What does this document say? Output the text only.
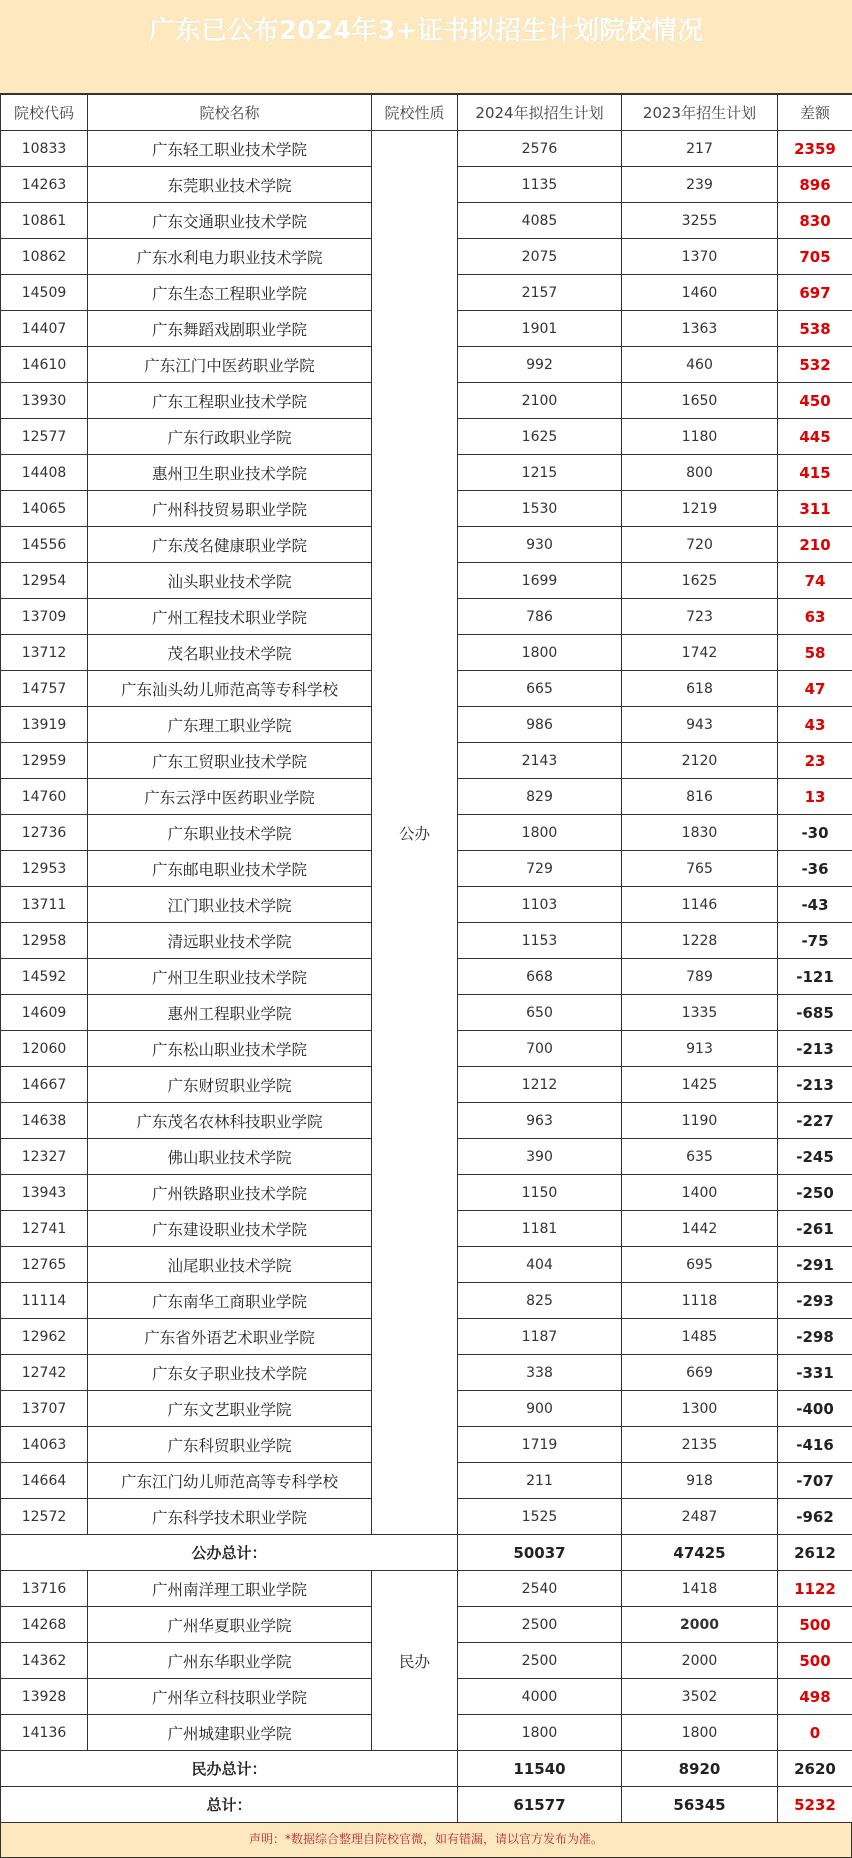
广东已公布2024年3+证书拟招生计划院校情况
院校代码	院校名称	院校性质	2024年拟招生计划	2023年招生计划	差额
10833	广东轻工职业技术学院	公办	2576	217	2359
14263	东莞职业技术学院		1135	239	896
10861	广东交通职业技术学院		4085	3255	830
10862	广东水利电力职业技术学院		2075	1370	705
14509	广东生态工程职业学院		2157	1460	697
14407	广东舞蹈戏剧职业学院		1901	1363	538
14610	广东江门中医药职业学院		992	460	532
13930	广东工程职业技术学院		2100	1650	450
12577	广东行政职业学院		1625	1180	445
14408	惠州卫生职业技术学院		1215	800	415
14065	广州科技贸易职业学院		1530	1219	311
14556	广东茂名健康职业学院		930	720	210
12954	汕头职业技术学院		1699	1625	74
13709	广州工程技术职业学院		786	723	63
13712	茂名职业技术学院		1800	1742	58
14757	广东汕头幼儿师范高等专科学校		665	618	47
13919	广东理工职业学院		986	943	43
12959	广东工贸职业技术学院		2143	2120	23
14760	广东云浮中医药职业学院		829	816	13
12736	广东职业技术学院		1800	1830	-30
12953	广东邮电职业技术学院		729	765	-36
13711	江门职业技术学院		1103	1146	-43
12958	清远职业技术学院		1153	1228	-75
14592	广州卫生职业技术学院		668	789	-121
14609	惠州工程职业学院		650	1335	-685
12060	广东松山职业技术学院		700	913	-213
14667	广东财贸职业学院		1212	1425	-213
14638	广东茂名农林科技职业学院		963	1190	-227
12327	佛山职业技术学院		390	635	-245
13943	广州铁路职业技术学院		1150	1400	-250
12741	广东建设职业技术学院		1181	1442	-261
12765	汕尾职业技术学院		404	695	-291
11114	广东南华工商职业学院		825	1118	-293
12962	广东省外语艺术职业学院		1187	1485	-298
12742	广东女子职业技术学院		338	669	-331
13707	广东文艺职业学院		900	1300	-400
14063	广东科贸职业学院		1719	2135	-416
14664	广东江门幼儿师范高等专科学校		211	918	-707
12572	广东科学技术职业学院		1525	2487	-962
公办总计：			50037	47425	2612
13716	广州南洋理工职业学院	民办	2540	1418	1122
14268	广州华夏职业学院		2500	2000	500
14362	广州东华职业学院		2500	2000	500
13928	广州华立科技职业学院		4000	3502	498
14136	广州城建职业学院		1800	1800	0
民办总计：			11540	8920	2620
总计：			61577	56345	5232
声明：*数据综合整理自院校官微，如有错漏，请以官方发布为准。
